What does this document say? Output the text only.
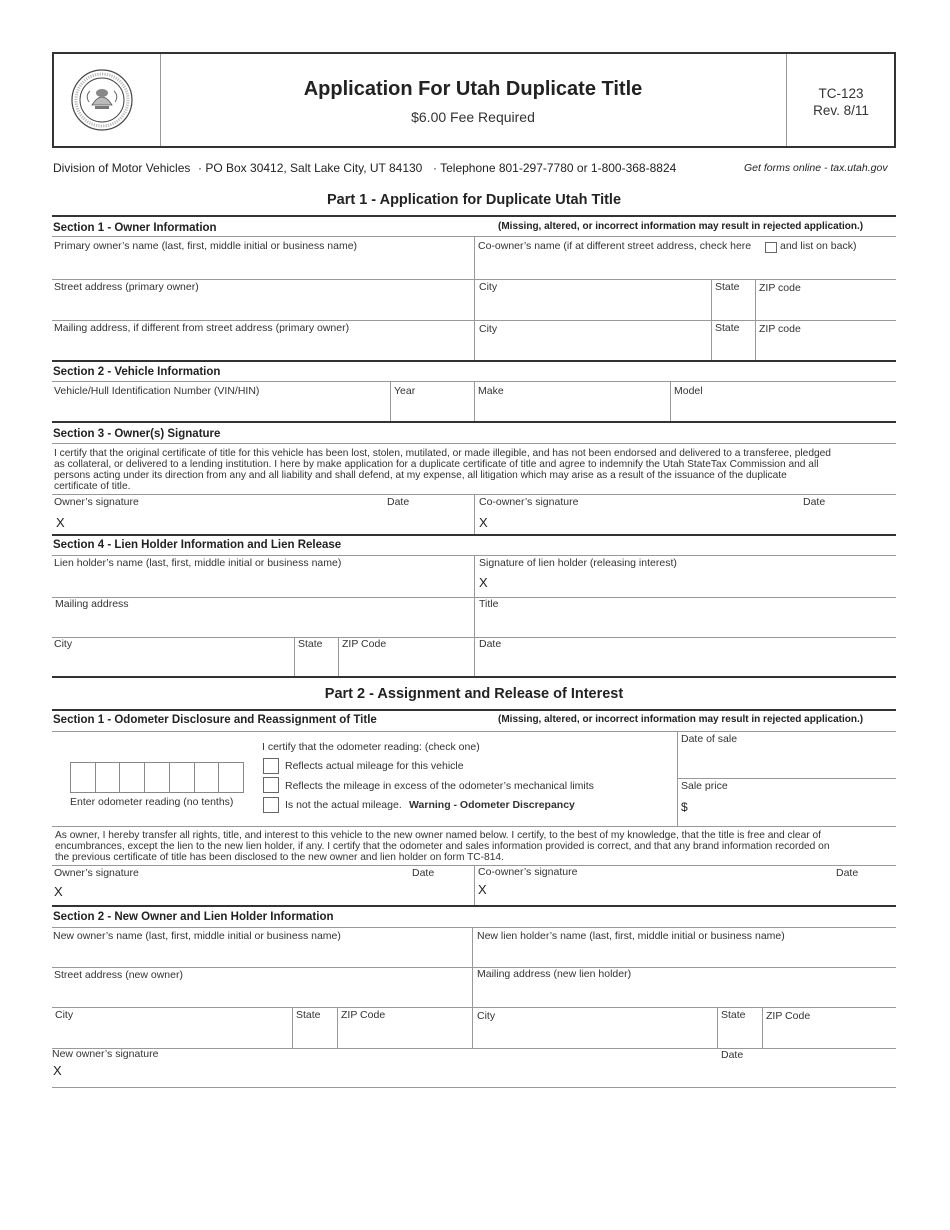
Application For Utah Duplicate Title
$6.00 Fee Required
TC-123
Rev. 8/11
Division of Motor Vehicles · PO Box 30412, Salt Lake City, UT 84130 · Telephone 801-297-7780 or 1-800-368-8824	Get forms online - tax.utah.gov
Part 1 - Application for Duplicate Utah Title
Section 1 - Owner Information	(Missing, altered, or incorrect information may result in rejected application.)
Primary owner’s name (last, first, middle initial or business name)	Co-owner’s name (if at different street address, check here	and list on back)
Street address (primary owner)	City	State ZIP code
Mailing address, if different from street address (primary owner)	City	State ZIP code
Section 2 - Vehicle Information
Vehicle/Hull Identification Number (VIN/HIN)	Year	Make	Model
Section 3 - Owner(s) Signature
I certify that the original certificate of title for this vehicle has been lost, stolen, mutilated, or made illegible, and has not been endorsed and delivered to a transferee, pledged
as collateral, or delivered to a lending institution. I here by make application for a duplicate certificate of title and agree to indemnify the Utah StateTax Commission and all
persons acting under its direction from any and all liability and shall defend, at my expense, all litigation which may arise as a result of the issuance of the duplicate
certificate of title.
Owner’s signature	Date
X
Co-owner’s signature	Date
X
Section 4 - Lien Holder Information and Lien Release
Lien holder’s name (last, first, middle initial or business name)	Signature of lien holder (releasing interest)
X
Mailing address	Title
City	State ZIP Code	Date
Part 2 - Assignment and Release of Interest
Section 1 - Odometer Disclosure and Reassignment of Title	(Missing, altered, or incorrect information may result in rejected application.)
I certify that the odometer reading: (check one)
Reflects actual mileage for this vehicle
Reflects the mileage in excess of the odometer’s mechanical limits
Is not the actual mileage. Warning - Odometer Discrepancy
Enter odometer reading (no tenths)
Date of sale
Sale price
$
As owner, I hereby transfer all rights, title, and interest to this vehicle to the new owner named below. I certify, to the best of my knowledge, that the title is free and clear of
encumbrances, except the lien to the new lien holder, if any. I certify that the odometer and sales information provided is correct, and that any brand information recorded on
the previous certificate of title has been disclosed to the new owner and lien holder on form TC-814.
Owner’s signature	Date
X
Co-owner’s signature	Date
X
Section 2 - New Owner and Lien Holder Information
New owner’s name (last, first, middle initial or business name)	New lien holder’s name (last, first, middle initial or business name)
Street address (new owner)	Mailing address (new lien holder)
City	State ZIP Code	City	State ZIP Code
New owner’s signature	Date
X
